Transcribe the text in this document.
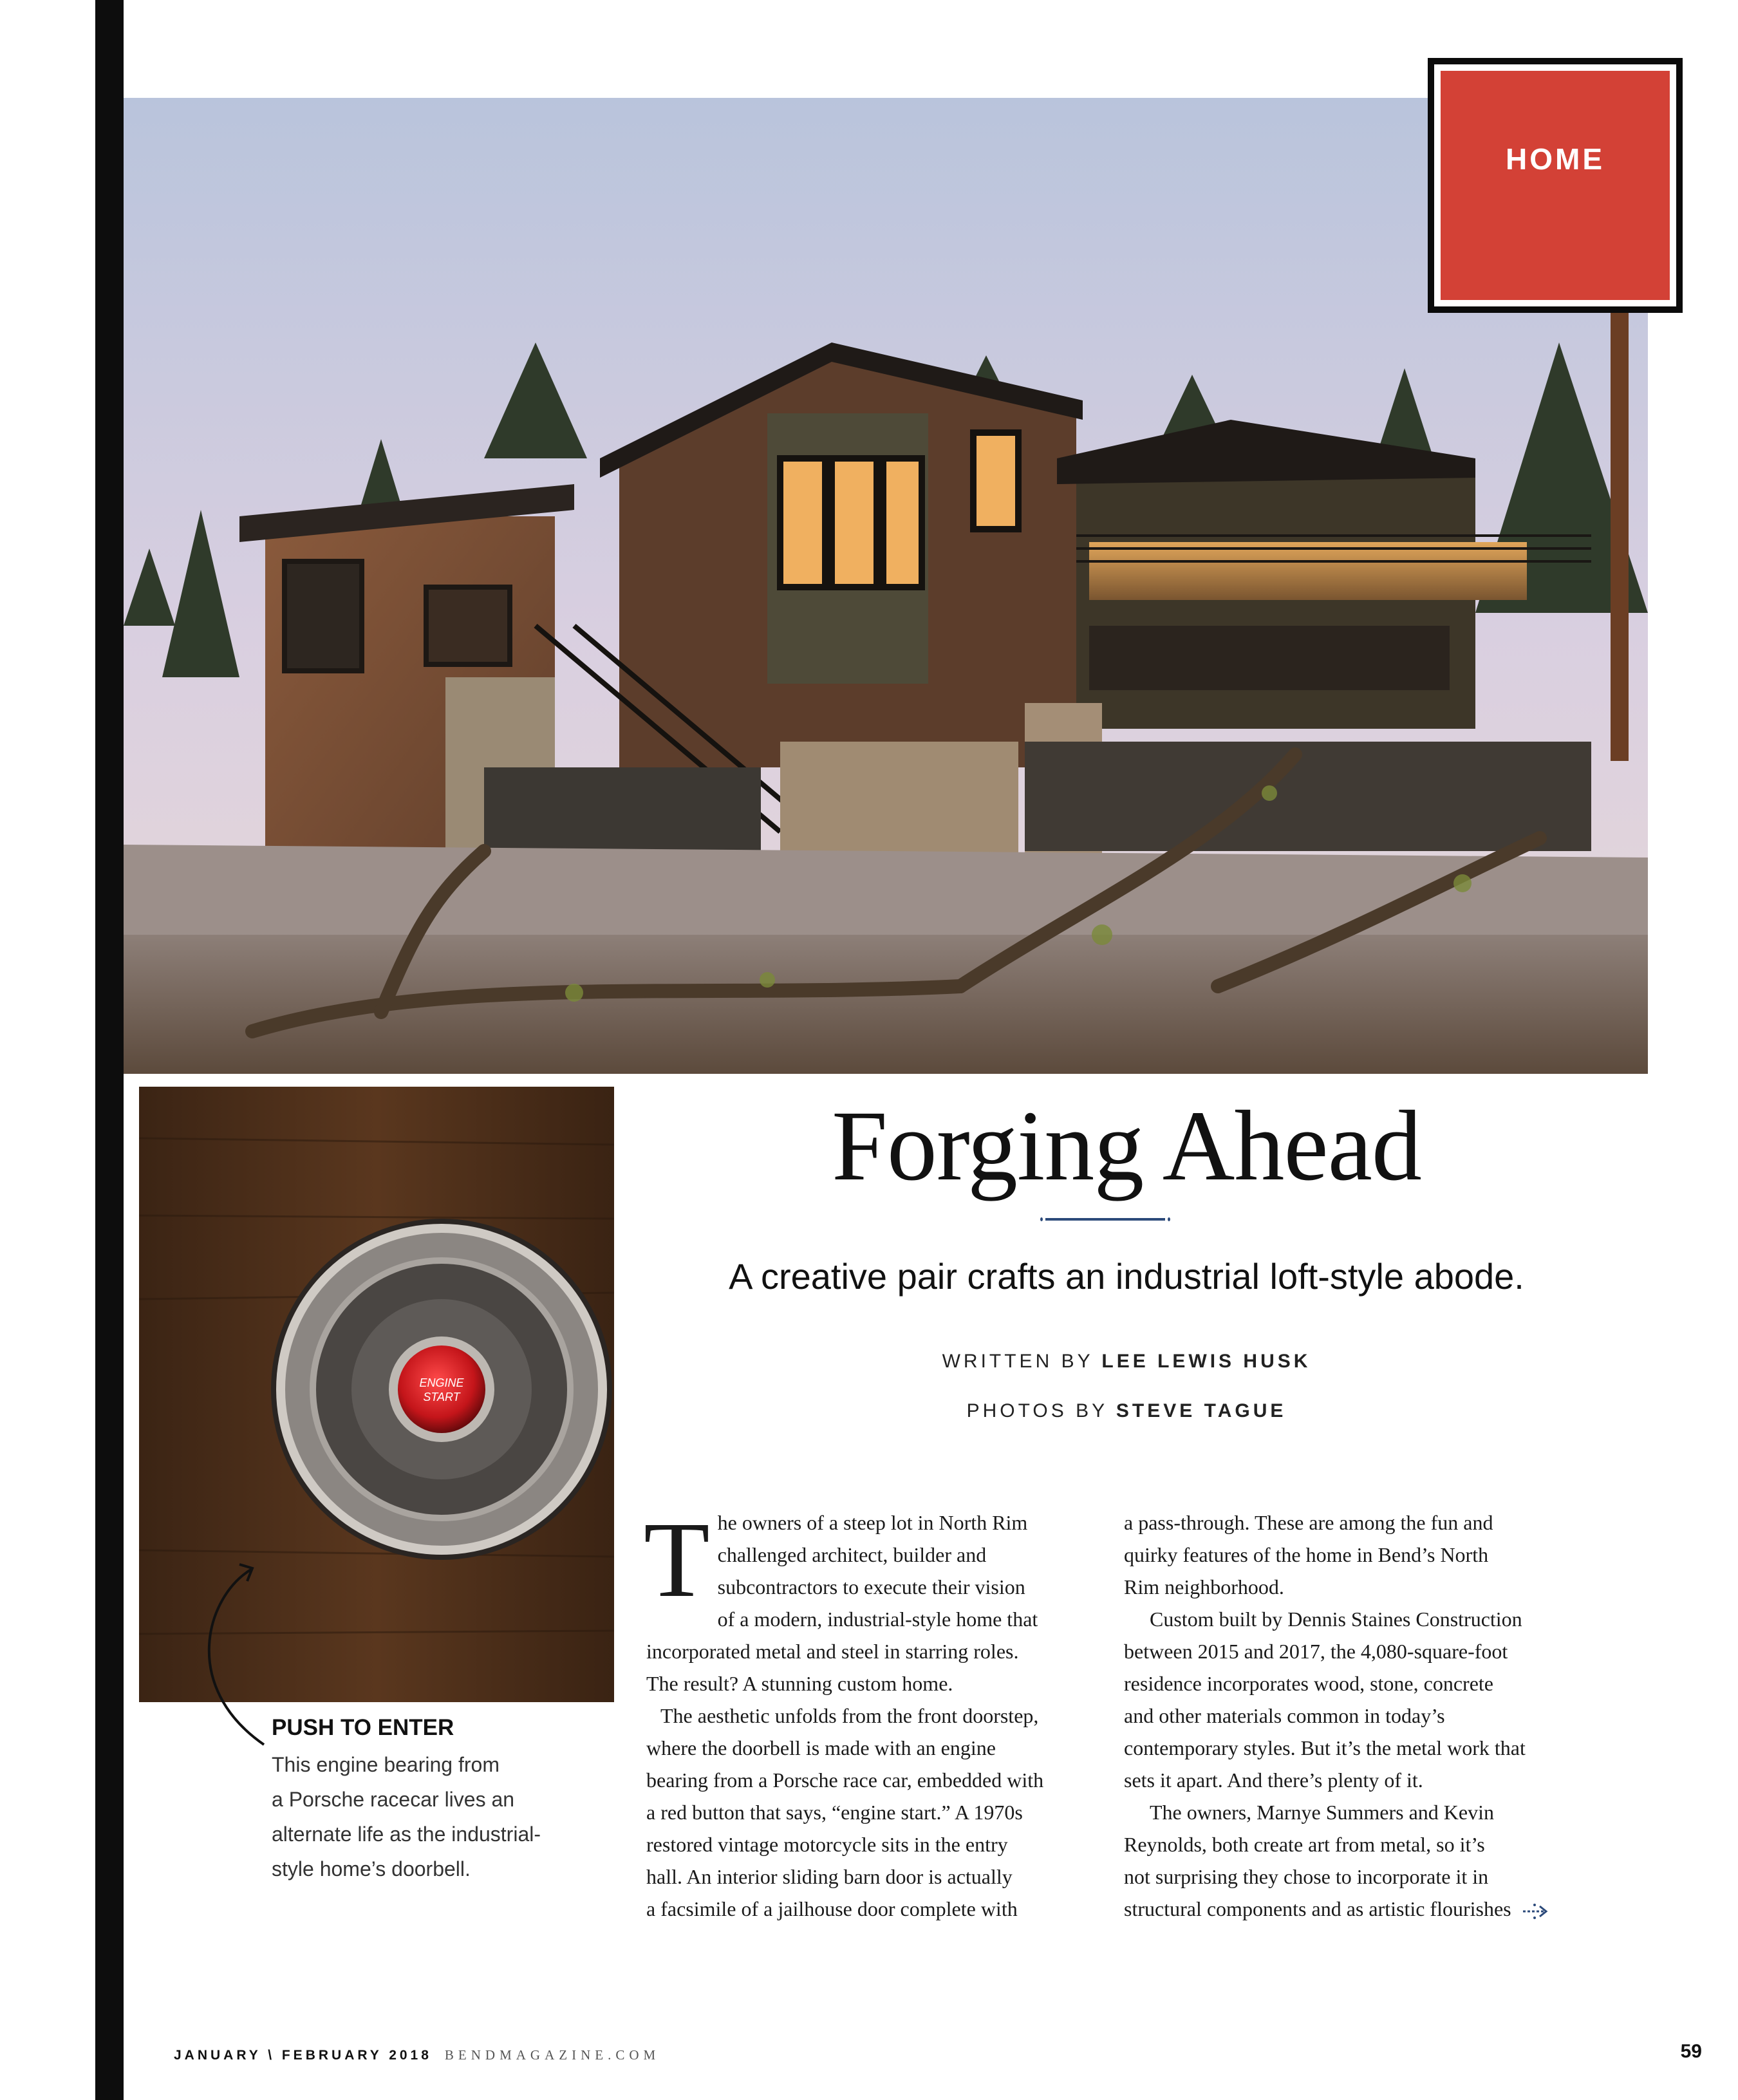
HOME
ENGINE
START
PUSH TO ENTER
This engine bearing from
a Porsche racecar lives an
alternate life as the industrial-
style home’s doorbell.
Forging Ahead
A creative pair crafts an industrial loft-style abode.
WRITTEN BY LEE LEWIS HUSK
PHOTOS BY STEVE TAGUE
T he owners of a steep lot in North Rim

challenged architect, builder and

subcontractors to execute their vision

of a modern, industrial-style home that

incorporated metal and steel in starring roles.

The result? A stunning custom home.

The aesthetic unfolds from the front doorstep,

where the doorbell is made with an engine

bearing from a Porsche race car, embedded with

a red button that says, “engine start.” A 1970s

restored vintage motorcycle sits in the entry

hall. An interior sliding barn door is actually

a facsimile of a jailhouse door complete with

a pass-through. These are among the fun and

quirky features of the home in Bend’s North

Rim neighborhood.

Custom built by Dennis Staines Construction

between 2015 and 2017, the 4,080-square-foot

residence incorporates wood, stone, concrete

and other materials common in today’s

contemporary styles. But it’s the metal work that

sets it apart. And there’s plenty of it.

The owners, Marnye Summers and Kevin

Reynolds, both create art from metal, so it’s

not surprising they chose to incorporate it in

structural components and as artistic flourishes

JANUARY \ FEBRUARY 2018 BENDMAGAZINE.COM	59
